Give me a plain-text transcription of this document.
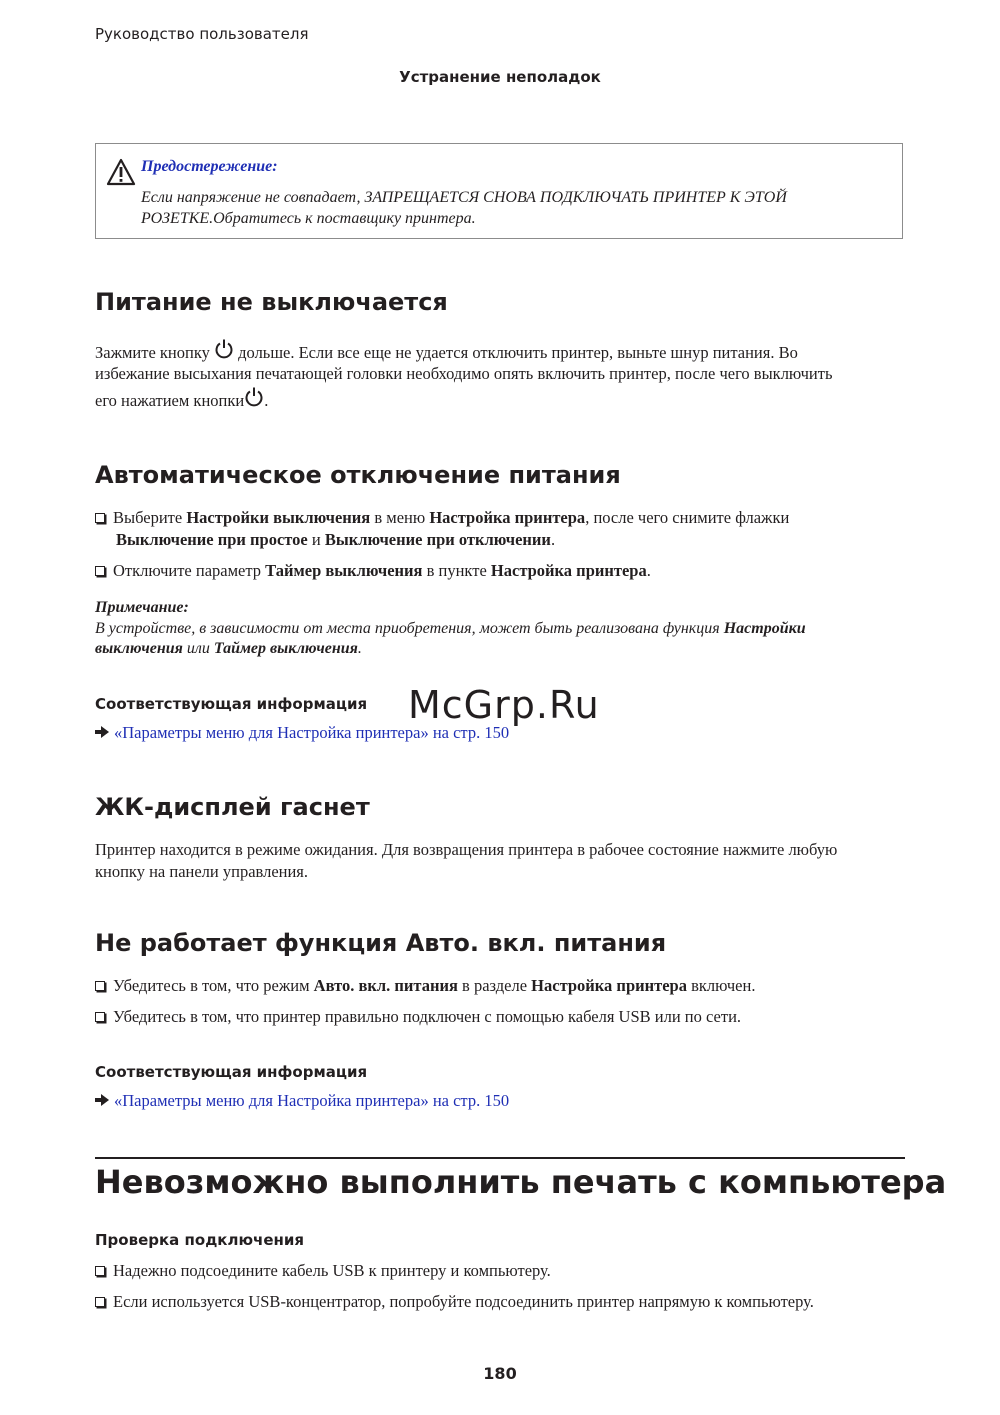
Руководство пользователя
Устранение неполадок
Предостережение:
Если напряжение не совпадает, ЗАПРЕЩАЕТСЯ СНОВА ПОДКЛЮЧАТЬ ПРИНТЕР К ЭТОЙ
РОЗЕТКЕ.Обратитесь к поставщику принтера.
Питание не выключается
Зажмите кнопку дольше. Если все еще не удается отключить принтер, выньте шнур питания. Во
избежание высыхания печатающей головки необходимо опять включить принтер, после чего выключить
его нажатием кнопки .
Автоматическое отключение питания
Выберите Настройки выключения в меню Настройка принтера, после чего снимите флажки
Выключение при простое и Выключение при отключении.
Отключите параметр Таймер выключения в пункте Настройка принтера.
Примечание:
В устройстве, в зависимости от места приобретения, может быть реализована функция Настройки
выключения или Таймер выключения.
Соответствующая информация
«Параметры меню для Настройка принтера» на стр. 150
McGrp.Ru
ЖК-дисплей гаснет
Принтер находится в режиме ожидания. Для возвращения принтера в рабочее состояние нажмите любую
кнопку на панели управления.
Не работает функция Авто. вкл. питания
Убедитесь в том, что режим Авто. вкл. питания в разделе Настройка принтера включен.
Убедитесь в том, что принтер правильно подключен с помощью кабеля USB или по сети.
Соответствующая информация
«Параметры меню для Настройка принтера» на стр. 150
Невозможно выполнить печать с компьютера
Проверка подключения
Надежно подсоедините кабель USB к принтеру и компьютеру.
Если используется USB-концентратор, попробуйте подсоединить принтер напрямую к компьютеру.
180
